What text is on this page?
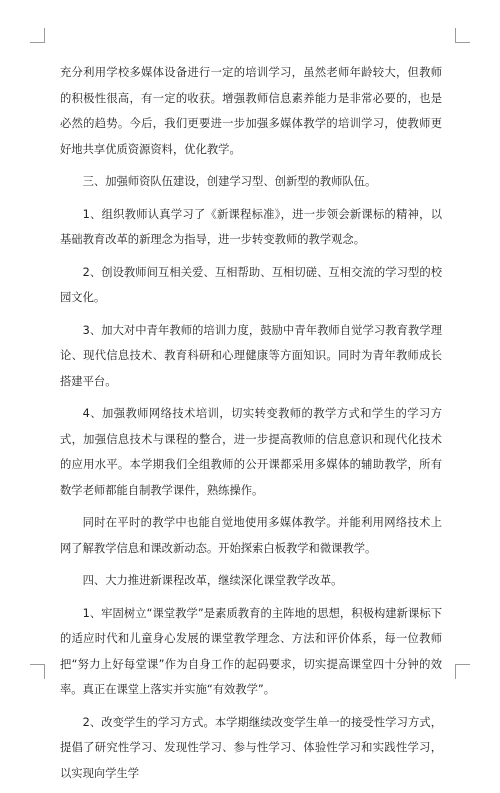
充分利用学校多媒体设备进行一定的培训学习，虽然老师年龄较大，但教师的积极性很高，有一定的收获。增强教师信息素养能力是非常必要的，也是必然的趋势。今后，我们更要进一步加强多媒体教学的培训学习，使教师更好地共享优质资源资料，优化教学。

三、加强师资队伍建设，创建学习型、创新型的教师队伍。

1、组织教师认真学习了《新课程标准》，进一步领会新课标的精神，以基础教育改革的新理念为指导，进一步转变教师的教学观念。

2、创设教师间互相关爱、互相帮助、互相切磋、互相交流的学习型的校园文化。

3、加大对中青年教师的培训力度，鼓励中青年教师自觉学习教育教学理论、现代信息技术、教育科研和心理健康等方面知识。同时为青年教师成长搭建平台。

4、加强教师网络技术培训，切实转变教师的教学方式和学生的学习方式，加强信息技术与课程的整合，进一步提高教师的信息意识和现代化技术的应用水平。本学期我们全组教师的公开课都采用多媒体的辅助教学，所有数学老师都能自制教学课件，熟练操作。

同时在平时的教学中也能自觉地使用多媒体教学。并能利用网络技术上网了解教学信息和课改新动态。开始探索白板教学和微课教学。

四、大力推进新课程改革，继续深化课堂教学改革。

1、牢固树立“课堂教学”是素质教育的主阵地的思想，积极构建新课标下的适应时代和儿童身心发展的课堂教学理念、方法和评价体系，每一位教师把“努力上好每堂课”作为自身工作的起码要求，切实提高课堂四十分钟的效率。真正在课堂上落实并实施“有效教学”。

2、改变学生的学习方式。本学期继续改变学生单一的接受性学习方式，提倡了研究性学习、发现性学习、参与性学习、体验性学习和实践性学习，以实现向学生学
